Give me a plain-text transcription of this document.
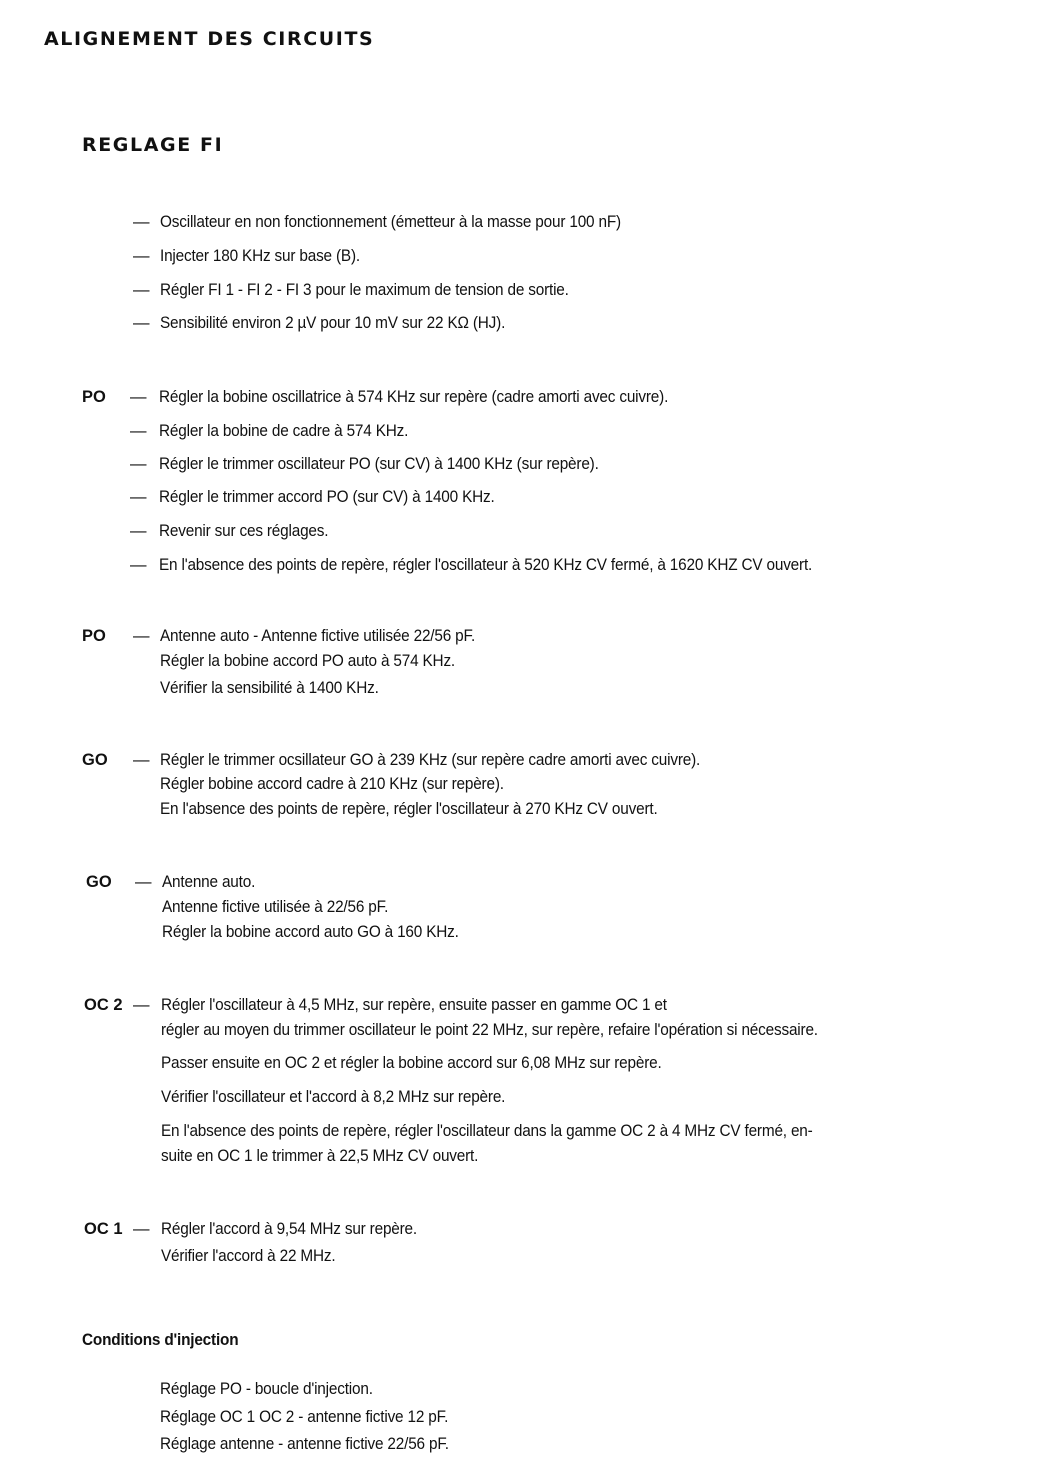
ALIGNEMENT DES CIRCUITS
REGLAGE FI
— Oscillateur en non fonctionnement (émetteur à la masse pour 100 nF)
— Injecter 180 KHz sur base (B).
— Régler FI 1 - FI 2 - FI 3 pour le maximum de tension de sortie.
— Sensibilité environ 2 µV pour 10 mV sur 22 KΩ (HJ).
PO — Régler la bobine oscillatrice à 574 KHz sur repère (cadre amorti avec cuivre).
— Régler la bobine de cadre à 574 KHz.
— Régler le trimmer oscillateur PO (sur CV) à 1400 KHz (sur repère).
— Régler le trimmer accord PO (sur CV) à 1400 KHz.
— Revenir sur ces réglages.
— En l'absence des points de repère, régler l'oscillateur à 520 KHz CV fermé, à 1620 KHZ CV ouvert.
PO — Antenne auto - Antenne fictive utilisée 22/56 pF.
Régler la bobine accord PO auto à 574 KHz.
Vérifier la sensibilité à 1400 KHz.
GO — Régler le trimmer ocsillateur GO à 239 KHz (sur repère cadre amorti avec cuivre).
Régler bobine accord cadre à 210 KHz (sur repère).
En l'absence des points de repère, régler l'oscillateur à 270 KHz CV ouvert.
GO — Antenne auto.
Antenne fictive utilisée à 22/56 pF.
Régler la bobine accord auto GO à 160 KHz.
OC 2 — Régler l'oscillateur à 4,5 MHz, sur repère, ensuite passer en gamme OC 1 et
régler au moyen du trimmer oscillateur le point 22 MHz, sur repère, refaire l'opération si nécessaire.
Passer ensuite en OC 2 et régler la bobine accord sur 6,08 MHz sur repère.
Vérifier l'oscillateur et l'accord à 8,2 MHz sur repère.
En l'absence des points de repère, régler l'oscillateur dans la gamme OC 2 à 4 MHz CV fermé, en-
suite en OC 1 le trimmer à 22,5 MHz CV ouvert.
OC 1 — Régler l'accord à 9,54 MHz sur repère.
Vérifier l'accord à 22 MHz.
Conditions d'injection
Réglage PO - boucle d'injection.
Réglage OC 1 OC 2 - antenne fictive 12 pF.
Réglage antenne - antenne fictive 22/56 pF.
